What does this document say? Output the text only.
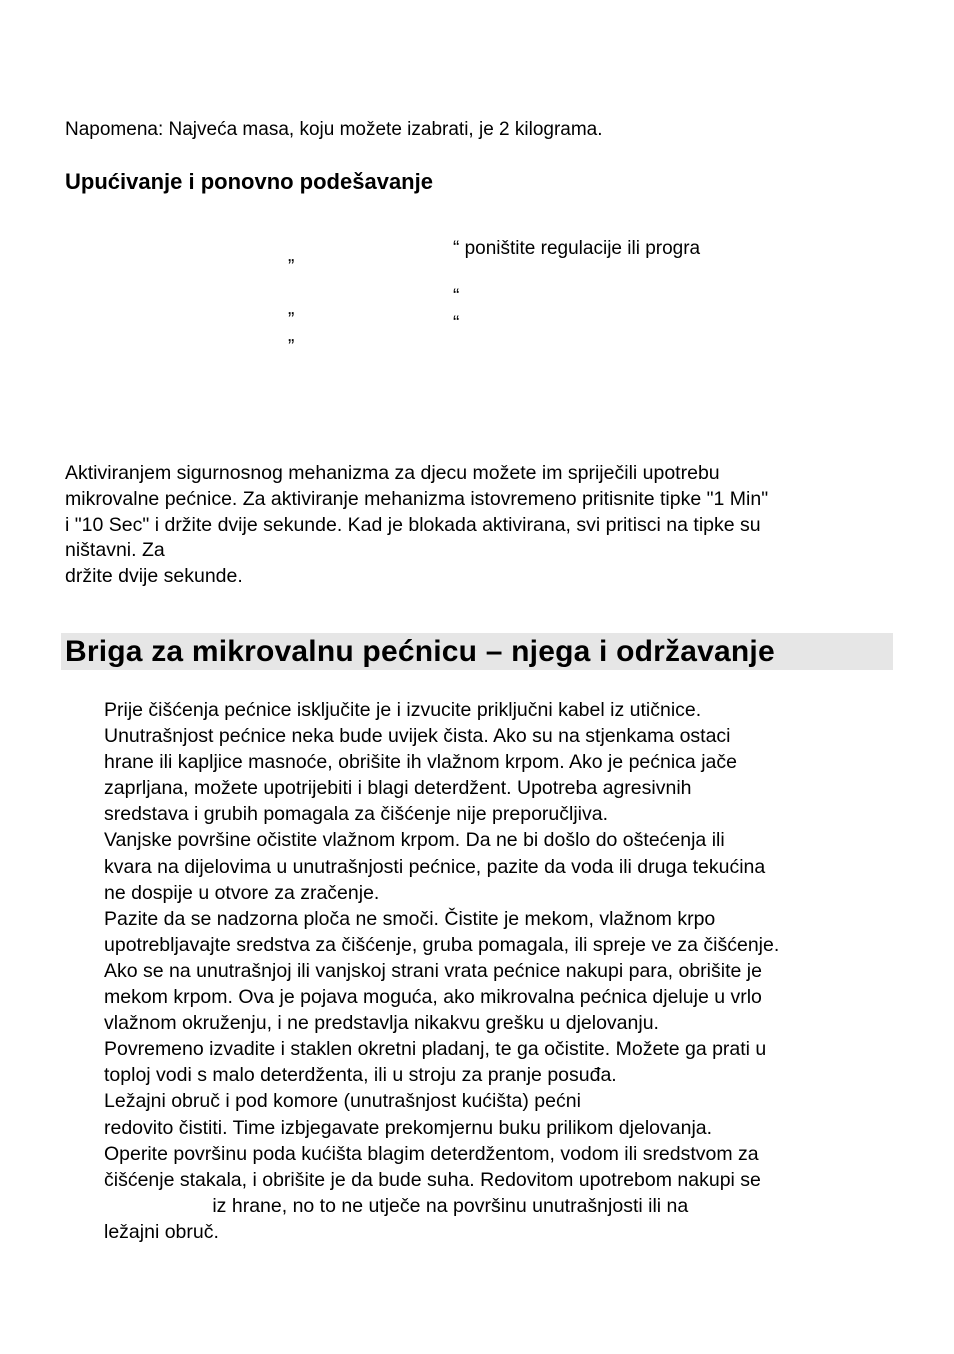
Napomena: Najveća masa, koju možete izabrati, je 2 kilograma.
Upućivanje i ponovno podešavanje
„	“ poništite regulacije ili progra
“
„
“
„
Aktiviranjem sigurnosnog mehanizma za djecu možete im spriječili upotrebu
mikrovalne pećnice. Za aktiviranje mehanizma istovremeno pritisnite tipke "1 Min"
i "10 Sec" i držite dvije sekunde. Kad je blokada aktivirana, svi pritisci na tipke su
ništavni. Za
držite dvije sekunde.
Briga za mikrovalnu pećnicu – njega i održavanje
Prije čišćenja pećnice isključite je i izvucite priključni kabel iz utičnice.
Unutrašnjost pećnice neka bude uvijek čista. Ako su na stjenkama ostaci
hrane ili kapljice masnoće, obrišite ih vlažnom krpom. Ako je pećnica jače
zaprljana, možete upotrijebiti i blagi deterdžent. Upotreba agresivnih
sredstava i grubih pomagala za čišćenje nije preporučljiva.
Vanjske površine očistite vlažnom krpom. Da ne bi došlo do oštećenja ili
kvara na dijelovima u unutrašnjosti pećnice, pazite da voda ili druga tekućina
ne dospije u otvore za zračenje.
Pazite da se nadzorna ploča ne smoči. Čistite je mekom, vlažnom krpo
upotrebljavajte sredstva za čišćenje, gruba pomagala, ili spreje ve za čišćenje.
Ako se na unutrašnjoj ili vanjskoj strani vrata pećnice nakupi para, obrišite je
mekom krpom. Ova je pojava moguća, ako mikrovalna pećnica djeluje u vrlo
vlažnom okruženju, i ne predstavlja nikakvu grešku u djelovanju.
Povremeno izvadite i staklen okretni pladanj, te ga očistite. Možete ga prati u
toploj vodi s malo deterdženta, ili u stroju za pranje posuđa.
Ležajni obruč i pod komore (unutrašnjost kućišta) pećni
redovito čistiti. Time izbjegavate prekomjernu buku prilikom djelovanja.
Operite površinu poda kućišta blagim deterdžentom, vodom ili sredstvom za
čišćenje stakala, i obrišite je da bude suha. Redovitom upotrebom nakupi se
iz hrane, no to ne utječe na površinu unutrašnjosti ili na
ležajni obruč.
